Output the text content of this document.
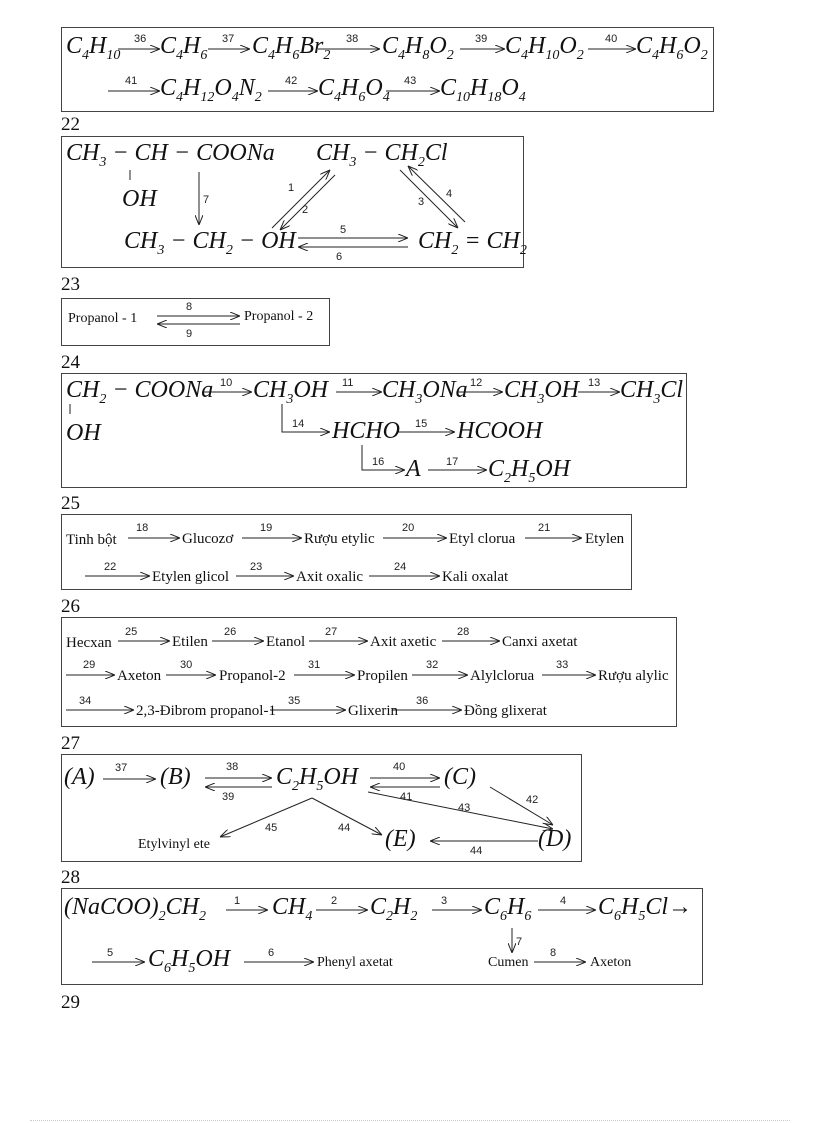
36	37	38	39	40
41	42	43
1
2
3
4
5
6
7
8
9
10	11	12	13
14	15
16	17
18	19	20	21
22	23	24
25	26	27	28
29	30	31	32	33
34	35	36
37	38
39
40
41	42
43
44
45
44
1	2	3	4
5	6
7
8
$C_4H_{10}$ $C_4H_6$ $C_4H_6Br_2$ $C_4H_8O_2$ $C_4H_{10}O_2$ $C_4H_6O_2$
$C_4H_{12}O_4N_2$ $C_4H_6O_4$ $C_{10}H_{18}O_4$
22
$CH_3$ − CH − COONa
OH
$CH_3 - CH_2Cl$
$CH_3 - CH_2$ − OH	$CH_2 = CH_2$
23
Propanol - 1	Propanol - 2
24
$CH_2$ − COONa
OH
$CH_3OH$ $CH_3ONa$ $CH_3OH$ $CH_3Cl$
HCHO HCOOH
A	$C_2H_5OH$
25
Tinh bột	Glucozơ	Rượu etylic	Etyl clorua	Etylen
Etylen glicol	Axit oxalic	Kali oxalat
26
Hecxan	Etilen	Etanol	Axit axetic	Canxi axetat
Axeton	Propanol-2	Propilen	Alylclorua	Rượu alylic
2,3-Đibrom propanol-1	Glixerin	Đồng glixerat
27
(A)	(B)	$C_2H_5OH$	(C)
(D)
(E)
Etylvinyl ete
28
$(NaCOO)_2CH_2$	$CH_4$ $C_2H_2$	$C_6H_6$	$C_6H_5Cl\to$
$C_6H_5OH$	Phenyl axetat	Cumen	Axeton
29
